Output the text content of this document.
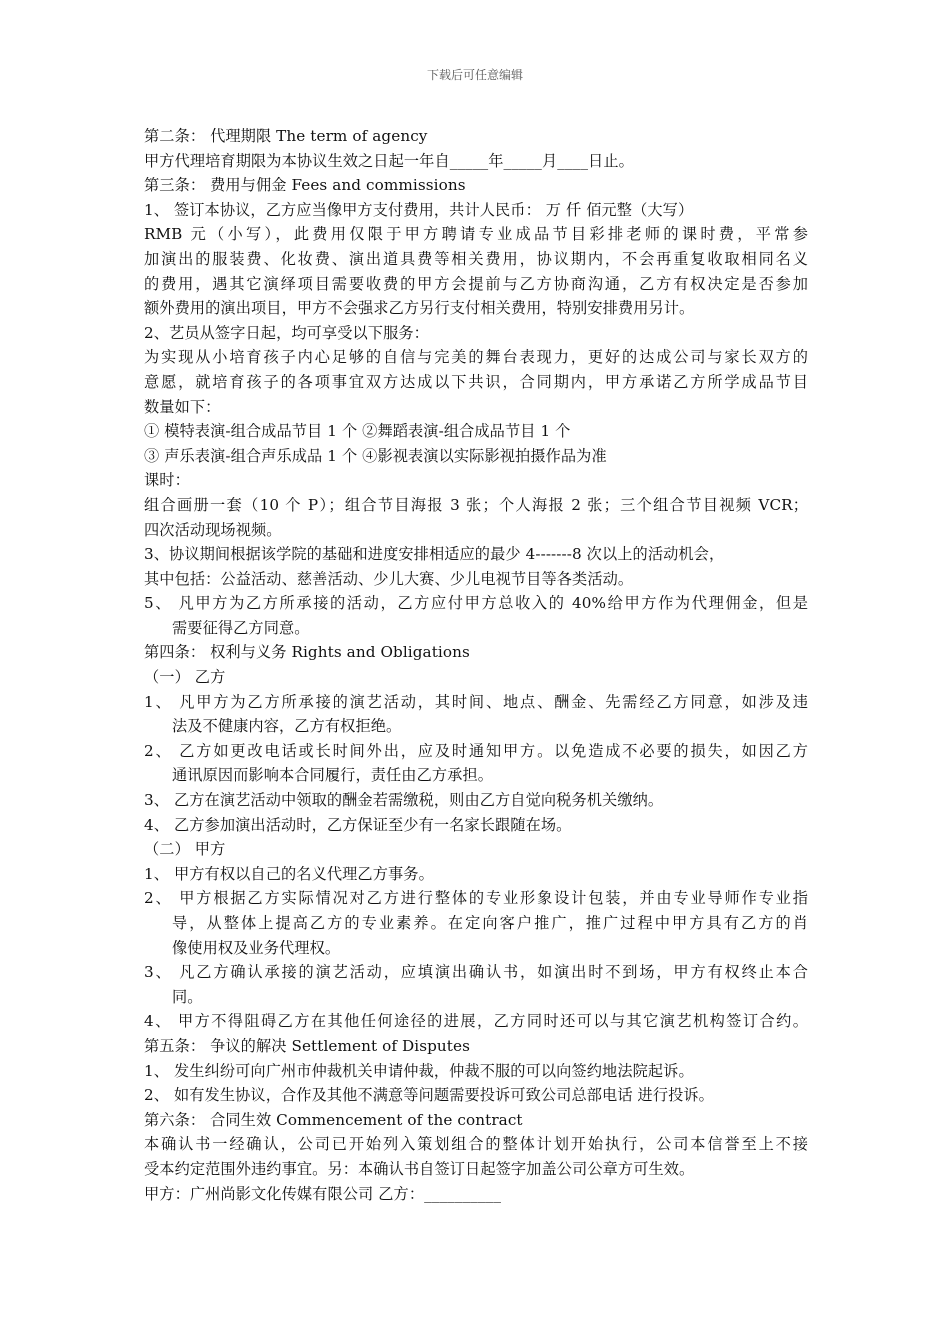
下载后可任意编辑
第二条： 代理期限 The term of agency
甲方代理培育期限为本协议生效之日起一年自_____年_____月____日止。
第三条： 费用与佣金 Fees and commissions
1、 签订本协议，乙方应当像甲方支付费用，共计人民币： 万 仟 佰元整（大写）
RMB 元（小写），此费用仅限于甲方聘请专业成品节目彩排老师的课时费，平常参
加演出的服装费、化妆费、演出道具费等相关费用，协议期内，不会再重复收取相同名义
的费用，遇其它演绎项目需要收费的甲方会提前与乙方协商沟通，乙方有权决定是否参加
额外费用的演出项目，甲方不会强求乙方另行支付相关费用，特别安排费用另计。
2、艺员从签字日起，均可享受以下服务：
为实现从小培育孩子内心足够的自信与完美的舞台表现力，更好的达成公司与家长双方的
意愿，就培育孩子的各项事宜双方达成以下共识，合同期内，甲方承诺乙方所学成品节目
数量如下：
① 模特表演-组合成品节目 1 个 ②舞蹈表演-组合成品节目 1 个
③ 声乐表演-组合声乐成品 1 个 ④影视表演以实际影视拍摄作品为准
课时：
组合画册一套（10 个 P）；组合节目海报 3 张；个人海报 2 张；三个组合节目视频 VCR；
四次活动现场视频。
3、协议期间根据该学院的基础和进度安排相适应的最少 4-------8 次以上的活动机会，
其中包括：公益活动、慈善活动、少儿大赛、少儿电视节目等各类活动。
5、 凡甲方为乙方所承接的活动，乙方应付甲方总收入的 40%给甲方作为代理佣金，但是
需要征得乙方同意。
第四条： 权利与义务 Rights and Obligations
（一） 乙方
1、 凡甲方为乙方所承接的演艺活动，其时间、地点、酬金、先需经乙方同意，如涉及违
法及不健康内容，乙方有权拒绝。
2、 乙方如更改电话或长时间外出，应及时通知甲方。以免造成不必要的损失，如因乙方
通讯原因而影响本合同履行，责任由乙方承担。
3、 乙方在演艺活动中领取的酬金若需缴税，则由乙方自觉向税务机关缴纳。
4、 乙方参加演出活动时，乙方保证至少有一名家长跟随在场。
（二） 甲方
1、 甲方有权以自己的名义代理乙方事务。
2、 甲方根据乙方实际情况对乙方进行整体的专业形象设计包装，并由专业导师作专业指
导，从整体上提高乙方的专业素养。在定向客户推广，推广过程中甲方具有乙方的肖
像使用权及业务代理权。
3、 凡乙方确认承接的演艺活动，应填演出确认书，如演出时不到场，甲方有权终止本合
同。
4、 甲方不得阻碍乙方在其他任何途径的进展，乙方同时还可以与其它演艺机构签订合约。
第五条： 争议的解决 Settlement of Disputes
1、 发生纠纷可向广州市仲裁机关申请仲裁，仲裁不服的可以向签约地法院起诉。
2、 如有发生协议，合作及其他不满意等问题需要投诉可致公司总部电话 进行投诉。
第六条： 合同生效 Commencement of the contract
本确认书一经确认，公司已开始列入策划组合的整体计划开始执行，公司本信誉至上不接
受本约定范围外违约事宜。另：本确认书自签订日起签字加盖公司公章方可生效。
甲方：广州尚影文化传媒有限公司 乙方：__________
